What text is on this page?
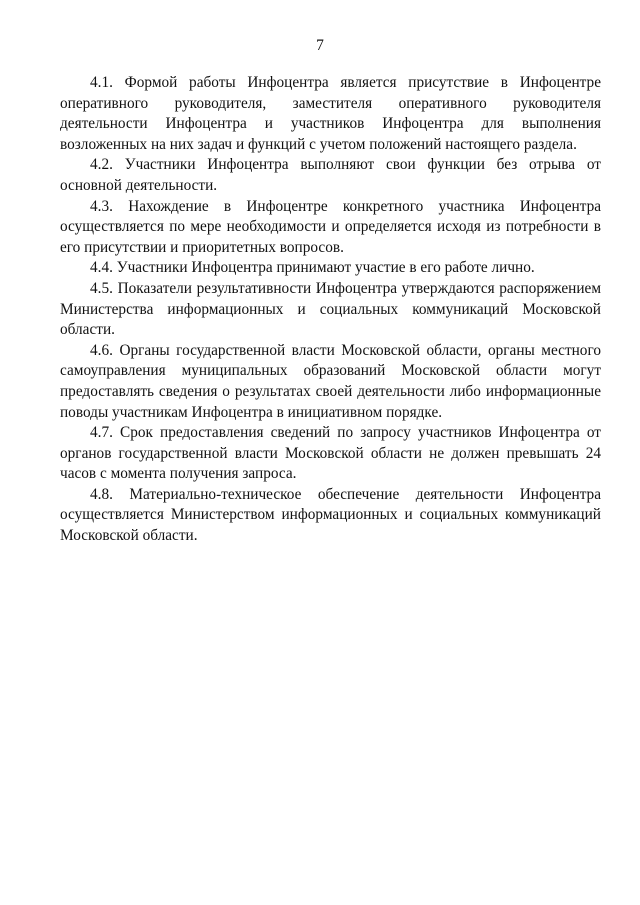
7

4.1. Формой работы Инфоцентра является присутствие в Инфоцентре оперативного руководителя, заместителя оперативного руководителя деятельности Инфоцентра и участников Инфоцентра для выполнения возложенных на них задач и функций с учетом положений настоящего раздела.

4.2. Участники Инфоцентра выполняют свои функции без отрыва от основной деятельности.

4.3. Нахождение в Инфоцентре конкретного участника Инфоцентра осуществляется по мере необходимости и определяется исходя из потребности в его присутствии и приоритетных вопросов.

4.4. Участники Инфоцентра принимают участие в его работе лично.

4.5. Показатели результативности Инфоцентра утверждаются распоряжением Министерства информационных и социальных коммуникаций Московской области.

4.6. Органы государственной власти Московской области, органы местного самоуправления муниципальных образований Московской области могут предоставлять сведения о результатах своей деятельности либо информационные поводы участникам Инфоцентра в инициативном порядке.

4.7. Срок предоставления сведений по запросу участников Инфоцентра от органов государственной власти Московской области не должен превышать 24 часов с момента получения запроса.

4.8. Материально-техническое обеспечение деятельности Инфоцентра осуществляется Министерством информационных и социальных коммуникаций Московской области.
